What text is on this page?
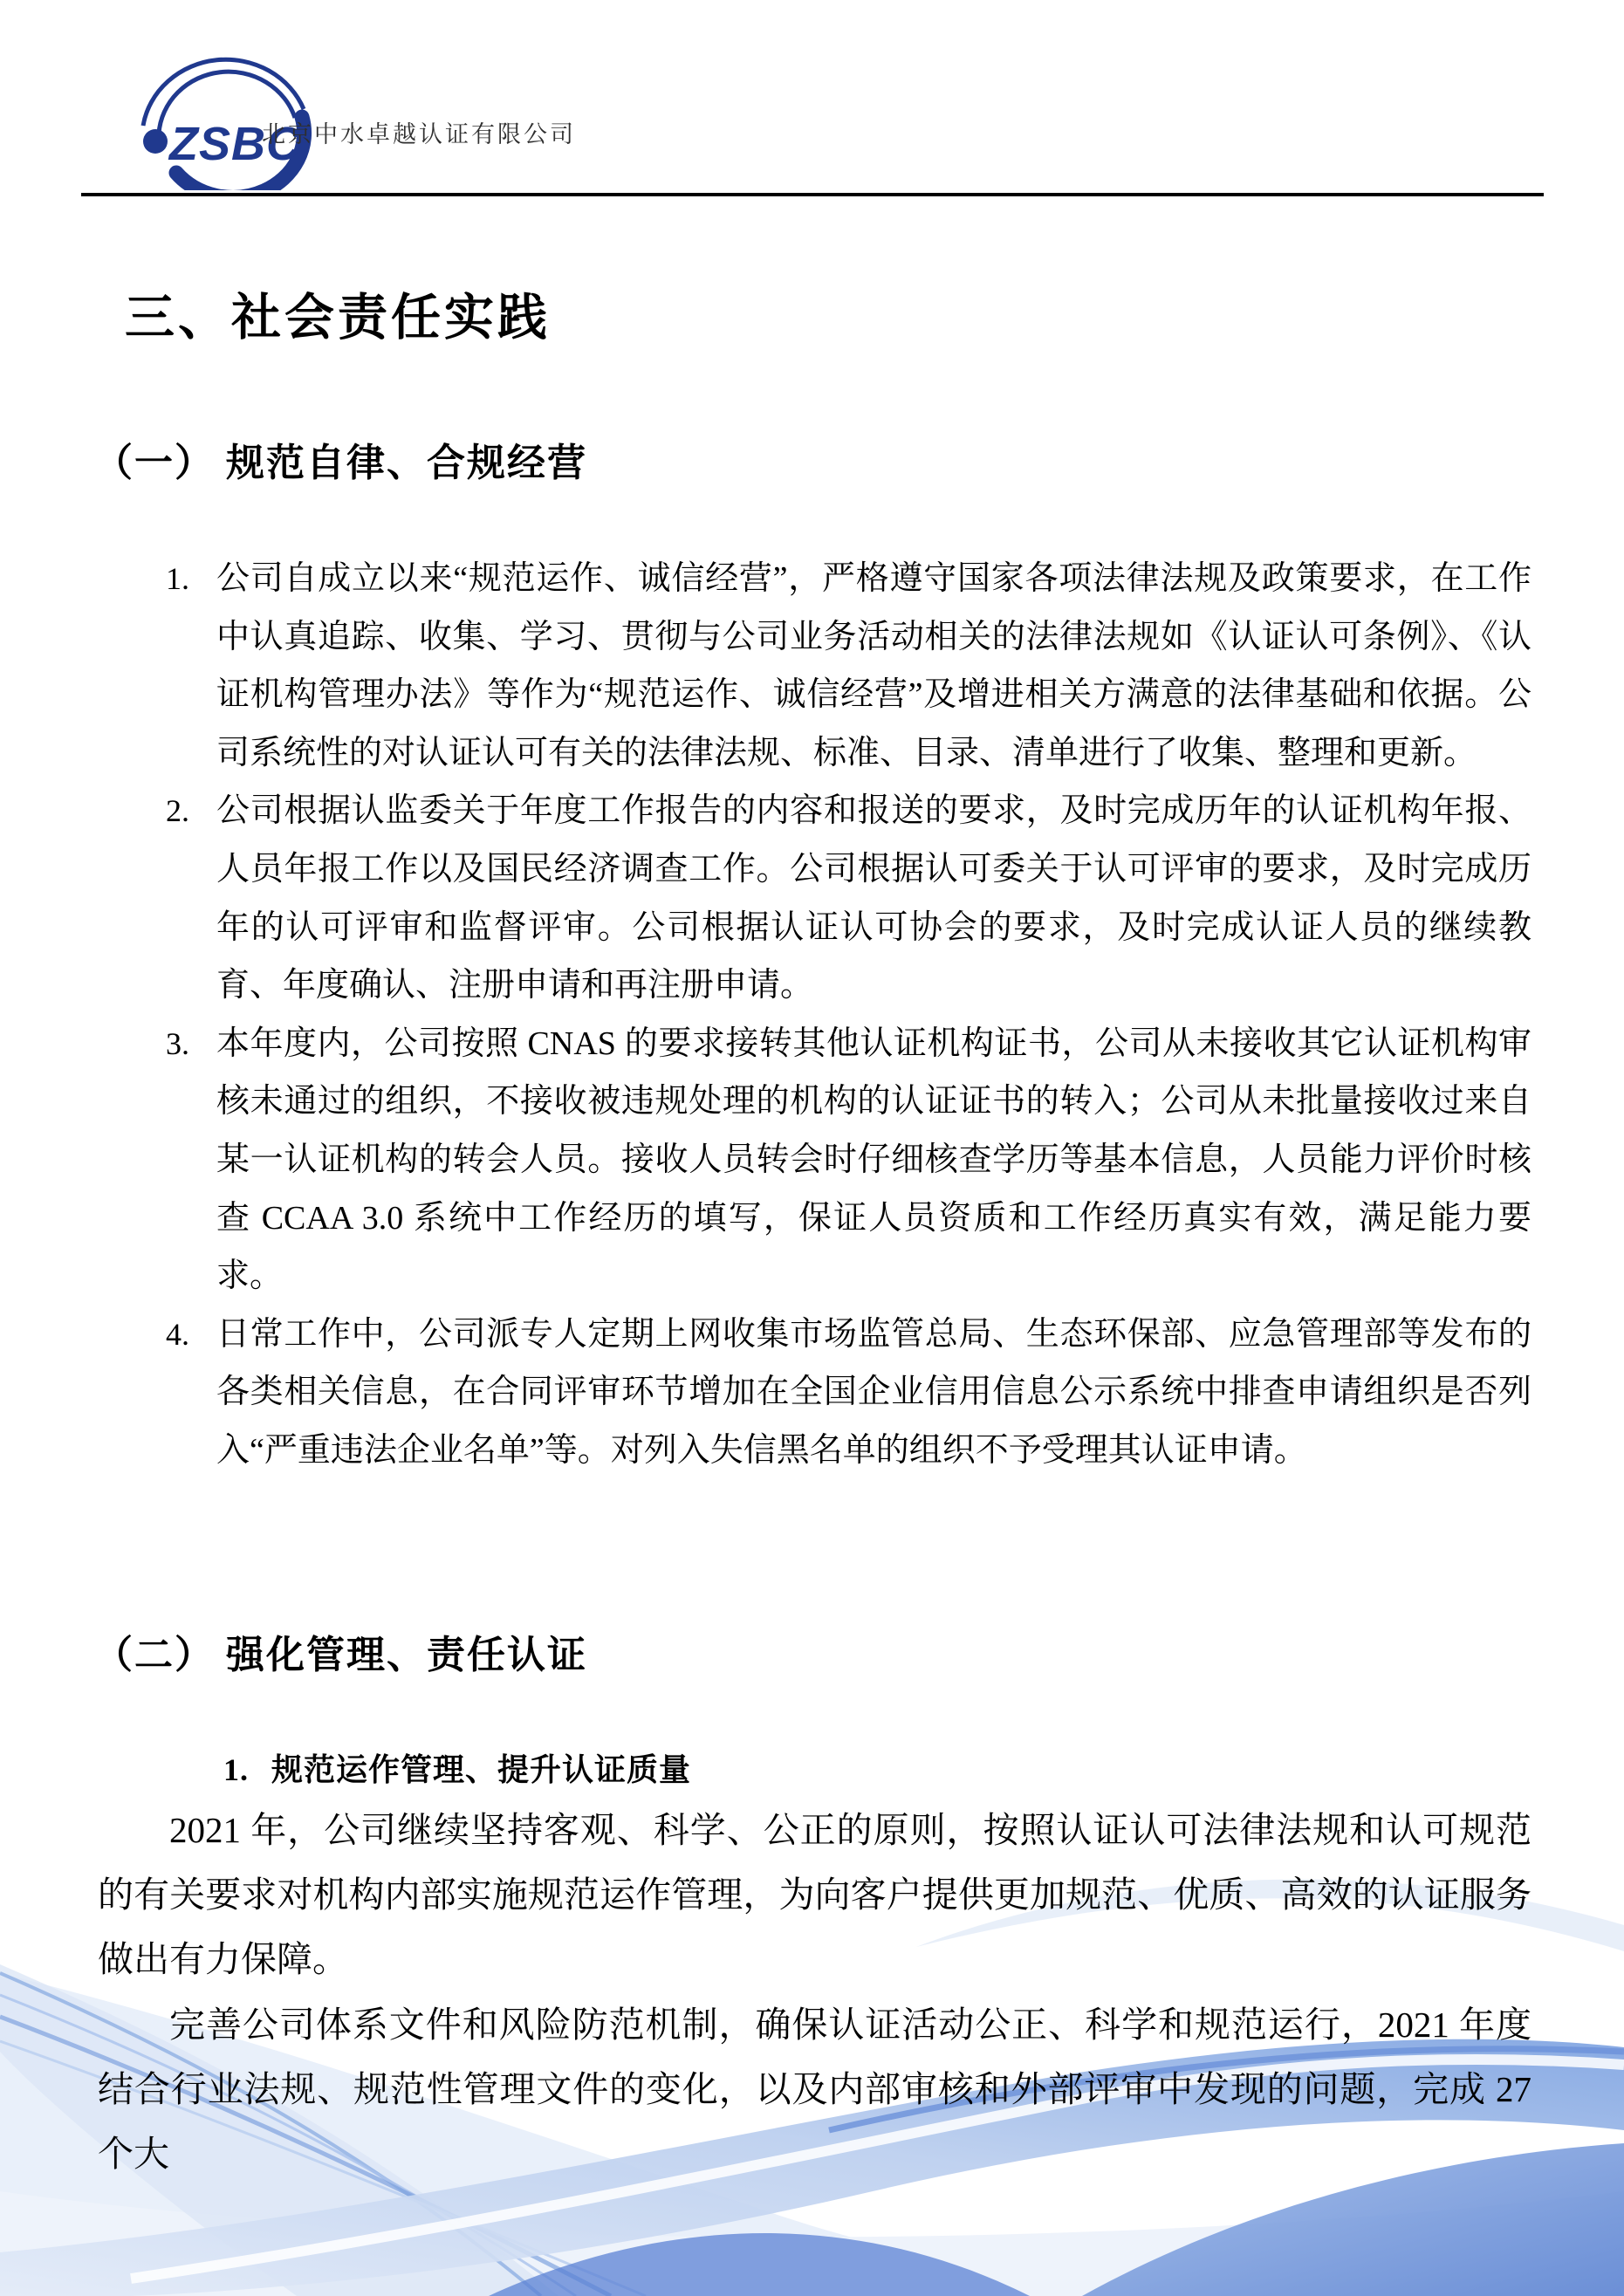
ZSBC
北京中水卓越认证有限公司
三、社会责任实践
（一） 规范自律、合规经营
1. 公司自成立以来“规范运作、诚信经营”，严格遵守国家各项法律法规及政策要求，在工作中认真追踪、收集、学习、贯彻与公司业务活动相关的法律法规如《认证认可条例》、《认证机构管理办法》等作为“规范运作、诚信经营”及增进相关方满意的法律基础和依据。公司系统性的对认证认可有关的法律法规、标准、目录、清单进行了收集、整理和更新。
2. 公司根据认监委关于年度工作报告的内容和报送的要求，及时完成历年的认证机构年报、人员年报工作以及国民经济调查工作。公司根据认可委关于认可评审的要求，及时完成历年的认可评审和监督评审。公司根据认证认可协会的要求，及时完成认证人员的继续教育、年度确认、注册申请和再注册申请。
3. 本年度内，公司按照 CNAS 的要求接转其他认证机构证书，公司从未接收其它认证机构审核未通过的组织，不接收被违规处理的机构的认证证书的转入；公司从未批量接收过来自某一认证机构的转会人员。接收人员转会时仔细核查学历等基本信息，人员能力评价时核查 CCAA 3.0 系统中工作经历的填写，保证人员资质和工作经历真实有效，满足能力要求。
4. 日常工作中，公司派专人定期上网收集市场监管总局、生态环保部、应急管理部等发布的各类相关信息，在合同评审环节增加在全国企业信用信息公示系统中排查申请组织是否列入“严重违法企业名单”等。对列入失信黑名单的组织不予受理其认证申请。
（二） 强化管理、责任认证
1. 规范运作管理、提升认证质量

2021 年，公司继续坚持客观、科学、公正的原则，按照认证认可法律法规和认可规范的有关要求对机构内部实施规范运作管理，为向客户提供更加规范、优质、高效的认证服务做出有力保障。

完善公司体系文件和风险防范机制，确保认证活动公正、科学和规范运行，2021 年度结合行业法规、规范性管理文件的变化，以及内部审核和外部评审中发现的问题，完成 27 个大
